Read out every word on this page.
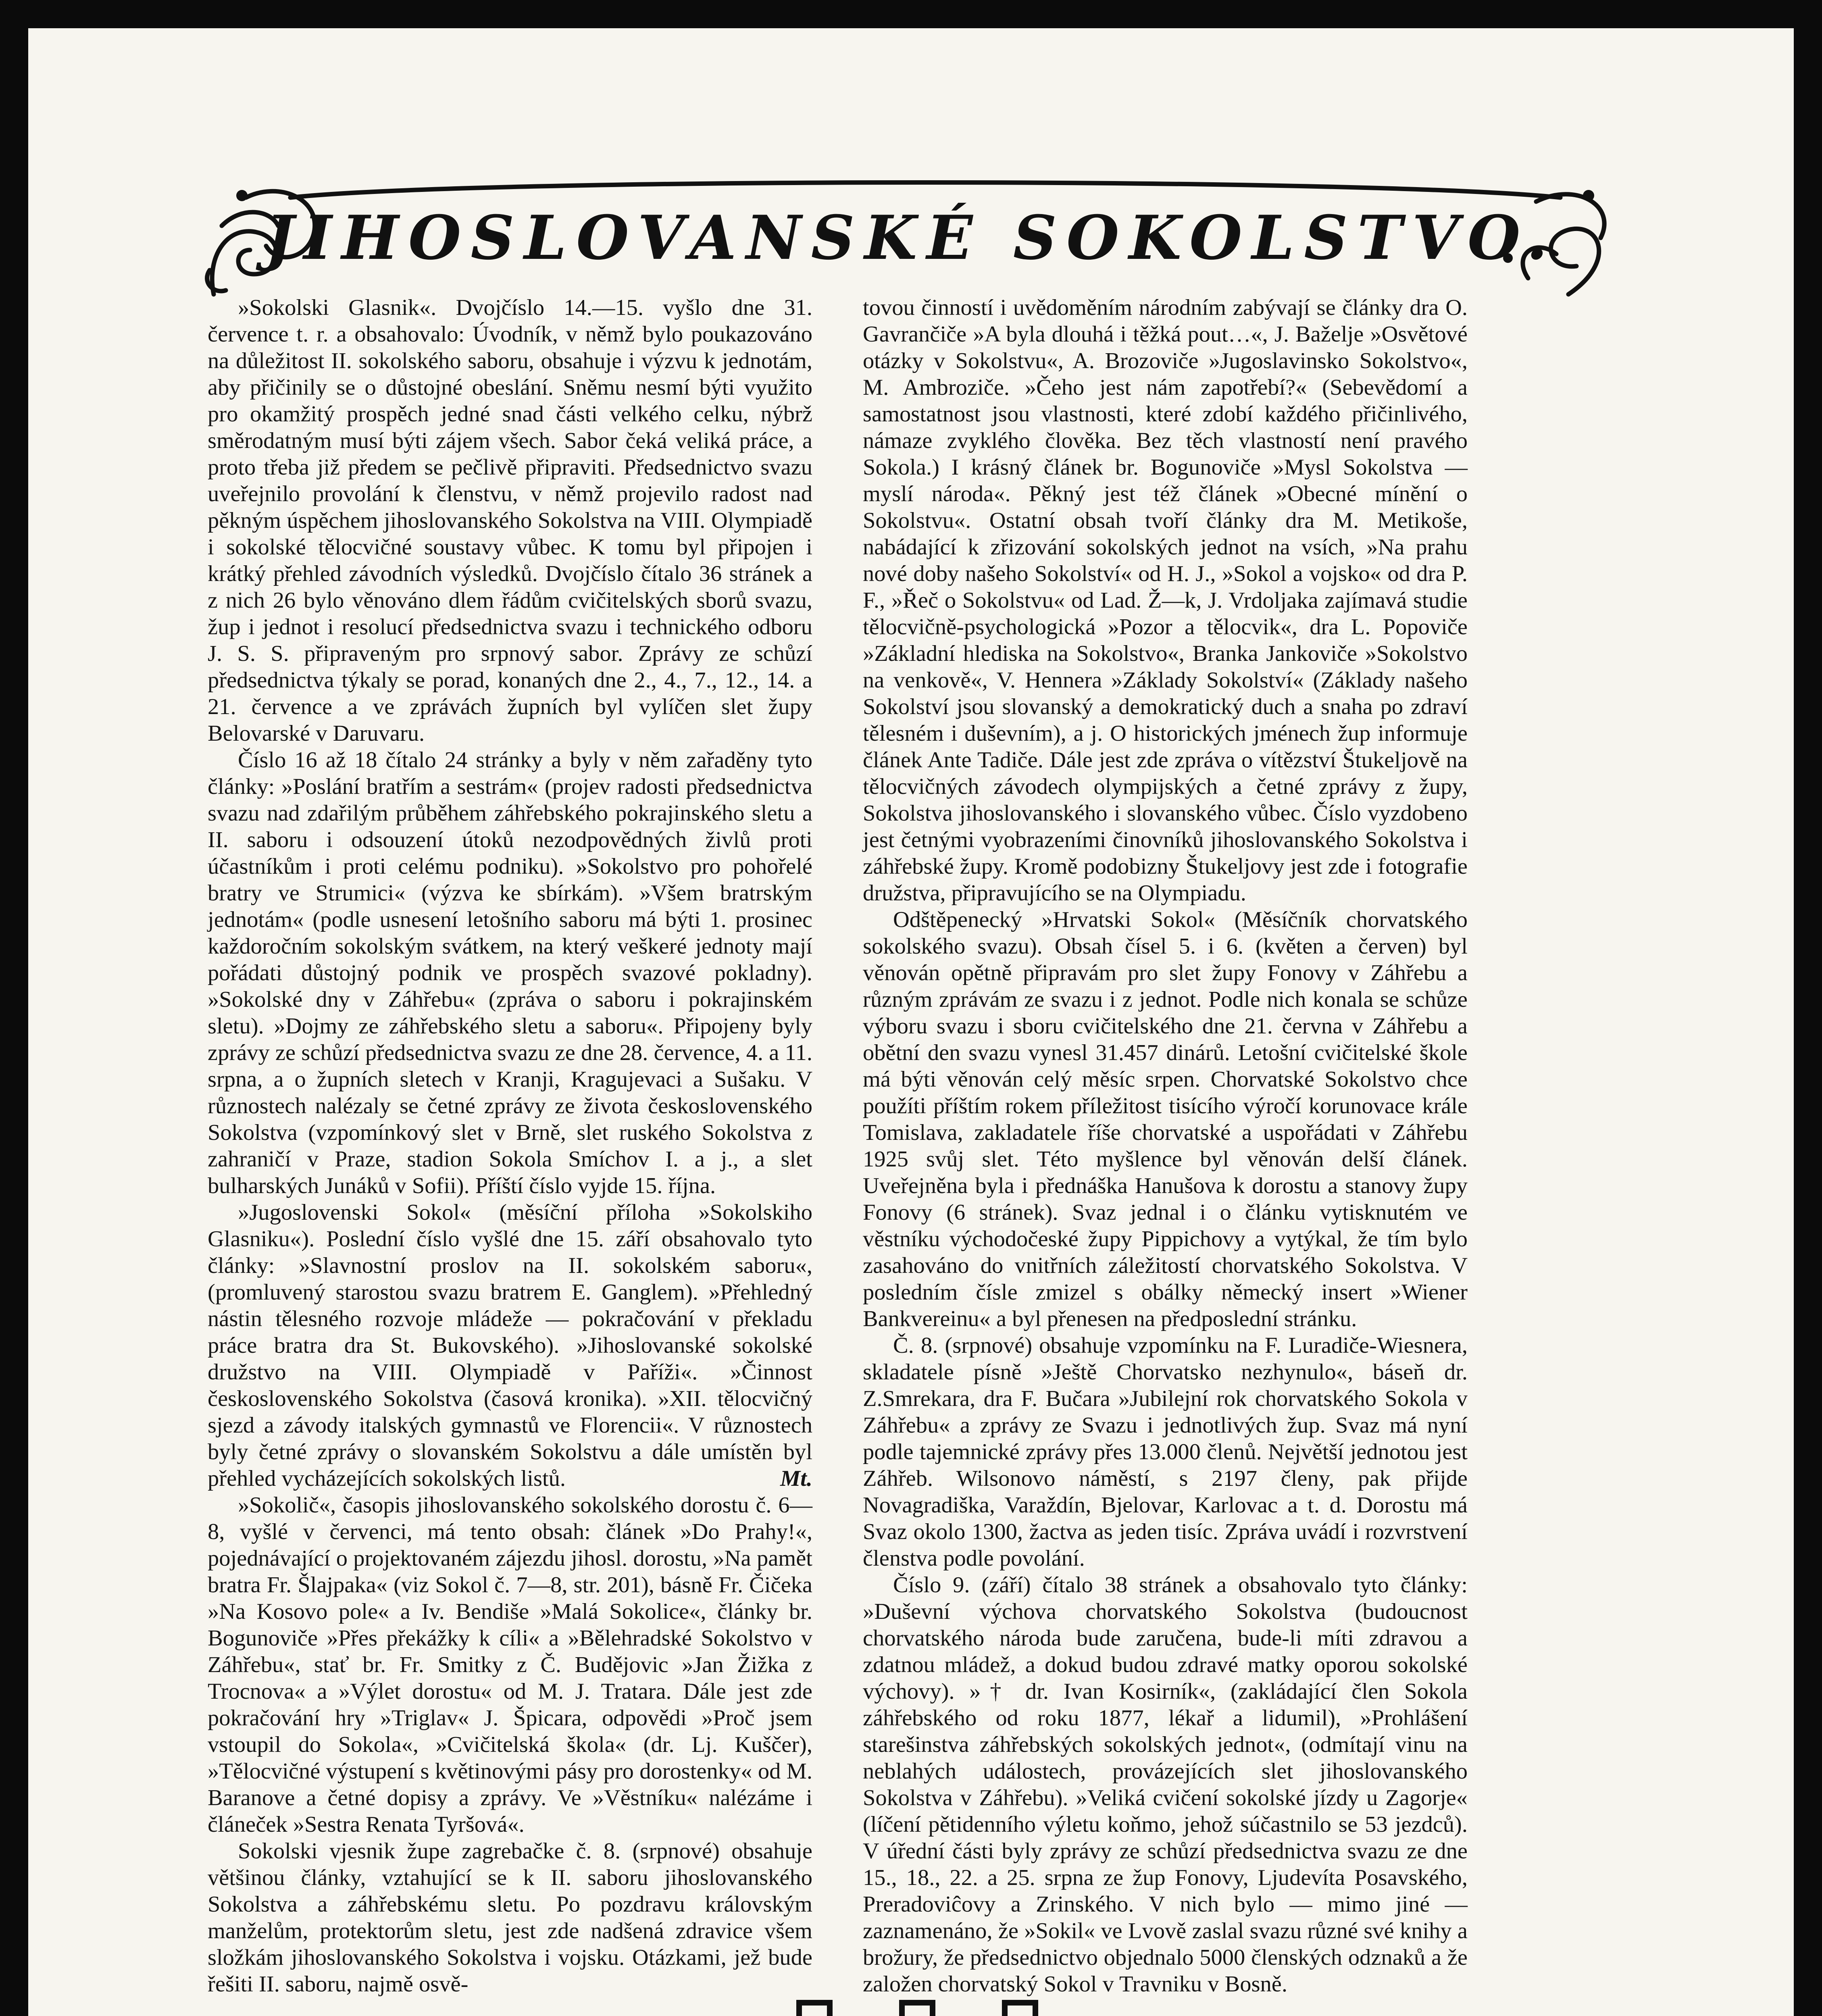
JIHOSLOVANSKÉ SOKOLSTVO.

»Sokolski Glasnik«. Dvojčíslo 14.—15. vyšlo dne 31. července t. r. a obsahovalo: Úvodník, v němž bylo poukazováno na důležitost II. sokolského saboru, obsahuje i výzvu k jednotám, aby přičinily se o důstojné obeslání. Sněmu nesmí býti využito pro okamžitý prospěch jedné snad části velkého celku, nýbrž směrodatným musí býti zájem všech. Sabor čeká veliká práce, a proto třeba již předem se pečlivě připraviti. Předsednictvo svazu uveřejnilo provolání k členstvu, v němž projevilo radost nad pěkným úspěchem jihoslovanského Sokolstva na VIII. Olympiadě i sokolské tělocvičné soustavy vůbec. K tomu byl připojen i krátký přehled závodních výsledků. Dvojčíslo čítalo 36 stránek a z nich 26 bylo věnováno dlem řádům cvičitelských sborů svazu, žup i jednot i resolucí předsednictva svazu i technického odboru J. S. S. připraveným pro srpnový sabor. Zprávy ze schůzí předsednictva týkaly se porad, konaných dne 2., 4., 7., 12., 14. a 21. července a ve zprávách župních byl vylíčen slet župy Belovarské v Daruvaru.

Číslo 16 až 18 čítalo 24 stránky a byly v něm zařaděny tyto články: »Poslání bratřím a sestrám« (projev radosti předsednictva svazu nad zdařilým průběhem záhřebského pokrajinského sletu a II. saboru i odsouzení útoků nezodpovědných živlů proti účastníkům i proti celému podniku). »Sokolstvo pro pohořelé bratry ve Strumici« (výzva ke sbírkám). »Všem bratrským jednotám« (podle usnesení letošního saboru má býti 1. prosinec každoročním sokolským svátkem, na který veškeré jednoty mají pořádati důstojný podnik ve prospěch svazové pokladny). »Sokolské dny v Záhřebu« (zpráva o saboru i pokrajinském sletu). »Dojmy ze záhřebského sletu a saboru«. Připojeny byly zprávy ze schůzí předsednictva svazu ze dne 28. července, 4. a 11. srpna, a o župních sletech v Kranji, Kragujevaci a Sušaku. V různostech nalézaly se četné zprávy ze života československého Sokolstva (vzpomínkový slet v Brně, slet ruského Sokolstva z zahraničí v Praze, stadion Sokola Smíchov I. a j., a slet bulharských Junáků v Sofii). Příští číslo vyjde 15. října.

»Jugoslovenski Sokol« (měsíční příloha »Sokolskiho Glasniku«). Poslední číslo vyšlé dne 15. září obsahovalo tyto články: »Slavnostní proslov na II. sokolském saboru«, (promluvený starostou svazu bratrem E. Ganglem). »Přehledný nástin tělesného rozvoje mládeže — pokračování v překladu práce bratra dra St. Bukovského). »Jihoslovanské sokolské družstvo na VIII. Olympiadě v Paříži«. »Činnost československého Sokolstva (časová kronika). »XII. tělocvičný sjezd a závody italských gymnastů ve Florencii«. V různostech byly četné zprávy o slovanském Sokolstvu a dále umístěn byl přehled vycházejících sokolských listů.	Mt.

»Sokolič«, časopis jihoslovanského sokolského dorostu č. 6—8, vyšlé v červenci, má tento obsah: článek »Do Prahy!«, pojednávající o projektovaném zájezdu jihosl. dorostu, »Na pamět bratra Fr. Šlajpaka« (viz Sokol č. 7—8, str. 201), básně Fr. Čičeka »Na Kosovo pole« a Iv. Bendiše »Malá Sokolice«, články br. Bogunoviče »Přes překážky k cíli« a »Bělehradské Sokolstvo v Záhřebu«, stať br. Fr. Smitky z Č. Budějovic »Jan Žižka z Trocnova« a »Výlet dorostu« od M. J. Tratara. Dále jest zde pokračování hry »Triglav« J. Špicara, odpovědi »Proč jsem vstoupil do Sokola«, »Cvičitelská škola« (dr. Lj. Kuščer), »Tělocvičné výstupení s květinovými pásy pro dorostenky« od M. Baranove a četné dopisy a zprávy. Ve »Věstníku« nalézáme i článeček »Sestra Renata Tyršová«.

Sokolski vjesnik župe zagrebačke č. 8. (srpnové) obsahuje většinou články, vztahující se k II. saboru jihoslovanského Sokolstva a záhřebskému sletu. Po pozdravu královským manželům, protektorům sletu, jest zde nadšená zdravice všem složkám jihoslovanského Sokolstva i vojsku. Otázkami, jež bude řešiti II. saboru, najmě osvě-

tovou činností i uvědoměním národním zabývají se články dra O. Gavrančiče »A byla dlouhá i těžká pout…«, J. Baželje »Osvětové otázky v Sokolstvu«, A. Brozoviče »Jugoslavinsko Sokolstvo«, M. Ambroziče. »Čeho jest nám zapotřebí?« (Sebevědomí a samostatnost jsou vlastnosti, které zdobí každého přičinlivého, námaze zvyklého člověka. Bez těch vlastností není pravého Sokola.) I krásný článek br. Bogunoviče »Mysl Sokolstva — myslí národa«. Pěkný jest též článek »Obecné mínění o Sokolstvu«. Ostatní obsah tvoří články dra M. Metikoše, nabádající k zřizování sokolských jednot na vsích, »Na prahu nové doby našeho Sokolství« od H. J., »Sokol a vojsko« od dra P. F., »Řeč o Sokolstvu« od Lad. Ž—k, J. Vrdoljaka zajímavá studie tělocvičně-psychologická »Pozor a tělocvik«, dra L. Popoviče »Základní hlediska na Sokolstvo«, Branka Jankoviče »Sokolstvo na venkově«, V. Hennera »Základy Sokolství« (Základy našeho Sokolství jsou slovanský a demokratický duch a snaha po zdraví tělesném i duševním), a j. O historických jménech žup informuje článek Ante Tadiče. Dále jest zde zpráva o vítězství Štukeljově na tělocvičných závodech olympijských a četné zprávy z župy, Sokolstva jihoslovanského i slovanského vůbec. Číslo vyzdobeno jest četnými vyobrazeními činovníků jihoslovanského Sokolstva i záhřebské župy. Kromě podobizny Štukeljovy jest zde i fotografie družstva, připravujícího se na Olympiadu.

Odštěpenecký »Hrvatski Sokol« (Měsíčník chorvatského sokolského svazu). Obsah čísel 5. i 6. (květen a červen) byl věnován opětně připravám pro slet župy Fonovy v Záhřebu a různým zprávám ze svazu i z jednot. Podle nich konala se schůze výboru svazu i sboru cvičitelského dne 21. června v Záhřebu a obětní den svazu vynesl 31.457 dinárů. Letošní cvičitelské škole má býti věnován celý měsíc srpen. Chorvatské Sokolstvo chce použíti příštím rokem příležitost tisícího výročí korunovace krále Tomislava, zakladatele říše chorvatské a uspořádati v Záhřebu 1925 svůj slet. Této myšlence byl věnován delší článek. Uveřejněna byla i přednáška Hanušova k dorostu a stanovy župy Fonovy (6 stránek). Svaz jednal i o článku vytisknutém ve věstníku východočeské župy Pippichovy a vytýkal, že tím bylo zasahováno do vnitřních záležitostí chorvatského Sokolstva. V posledním čísle zmizel s obálky německý insert »Wiener Bankvereinu« a byl přenesen na předposlední stránku.

Č. 8. (srpnové) obsahuje vzpomínku na F. Luradiče-Wiesnera, skladatele písně »Ještě Chorvatsko nezhynulo«, báseň dr. Z.Smrekara, dra F. Bučara »Jubilejní rok chorvatského Sokola v Záhřebu« a zprávy ze Svazu i jednotlivých žup. Svaz má nyní podle tajemnické zprávy přes 13.000 členů. Největší jednotou jest Záhřeb. Wilsonovo náměstí, s 2197 členy, pak přijde Novagradiška, Varaždín, Bjelovar, Karlovac a t. d. Dorostu má Svaz okolo 1300, žactva as jeden tisíc. Zpráva uvádí i rozvrstvení členstva podle povolání.

Číslo 9. (září) čítalo 38 stránek a obsahovalo tyto články: »Duševní výchova chorvatského Sokolstva (budoucnost chorvatského národa bude zaručena, bude-li míti zdravou a zdatnou mládež, a dokud budou zdravé matky oporou sokolské výchovy). »† dr. Ivan Kosirník«, (zakládající člen Sokola záhřebského od roku 1877, lékař a lidumil), »Prohlášení starešinstva záhřebských sokolských jednot«, (odmítají vinu na neblahých událostech, provázejících slet jihoslovanského Sokolstva v Záhřebu). »Veliká cvičení sokolské jízdy u Zagorje« (líčení pětidenního výletu koňmo, jehož súčastnilo se 53 jezdců). V úřední části byly zprávy ze schůzí předsednictva svazu ze dne 15., 18., 22. a 25. srpna ze žup Fonovy, Ljudevíta Posavského, Preradoviĉovy a Zrinského. V nich bylo — mimo jiné — zaznamenáno, že »Sokil« ve Lvově zaslal svazu různé své knihy a brožury, že předsednictvo objednalo 5000 členských odznaků a že založen chorvatský Sokol v Travniku v Bosně.
